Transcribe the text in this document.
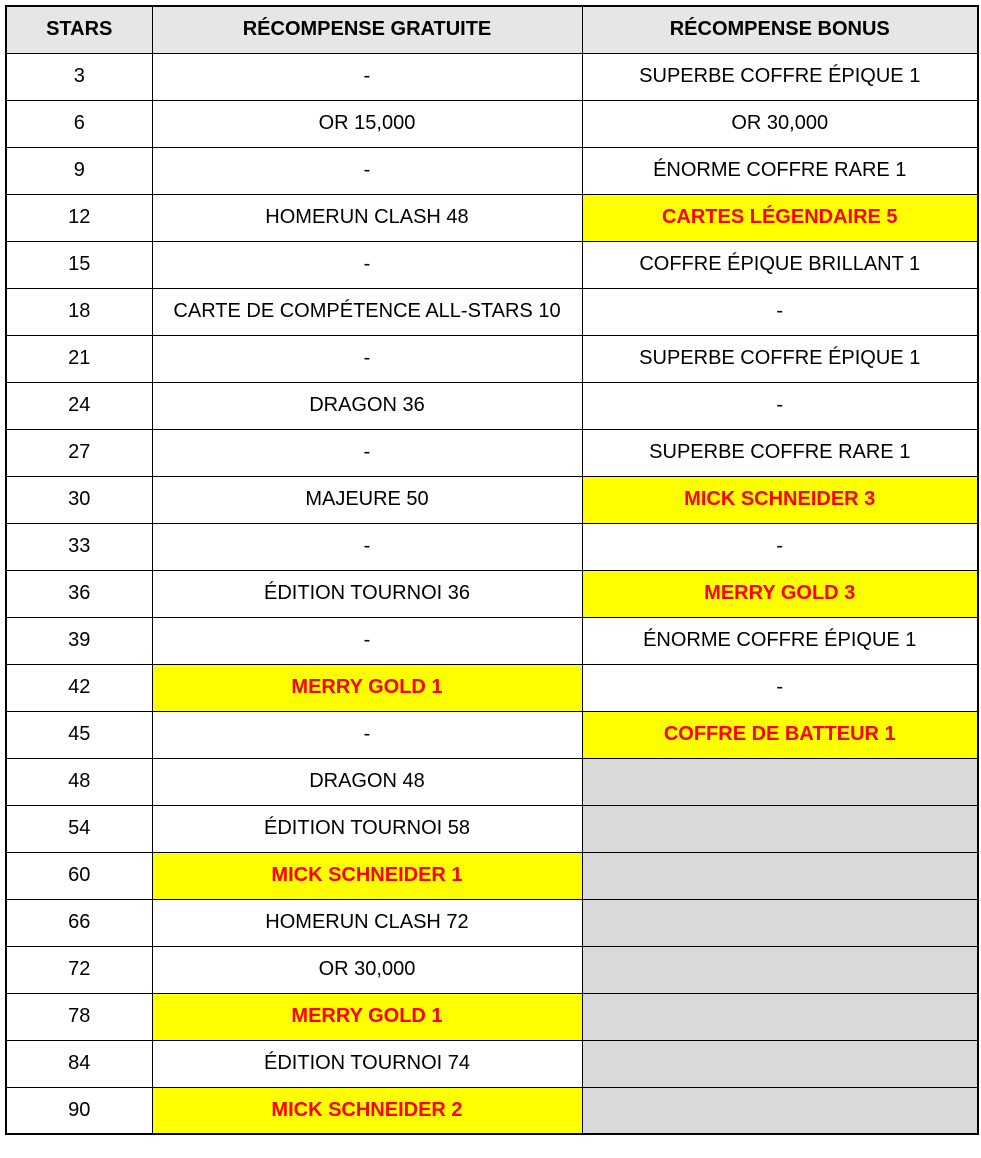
STARS	RÉCOMPENSE GRATUITE	RÉCOMPENSE BONUS
3	-	SUPERBE COFFRE ÉPIQUE 1
6	OR 15,000	OR 30,000
9	-	ÉNORME COFFRE RARE 1
12	HOMERUN CLASH 48	CARTES LÉGENDAIRE 5
15	-	COFFRE ÉPIQUE BRILLANT 1
18	CARTE DE COMPÉTENCE ALL-STARS 10	-
21	-	SUPERBE COFFRE ÉPIQUE 1
24	DRAGON 36	-
27	-	SUPERBE COFFRE RARE 1
30	MAJEURE 50	MICK SCHNEIDER 3
33	-	-
36	ÉDITION TOURNOI 36	MERRY GOLD 3
39	-	ÉNORME COFFRE ÉPIQUE 1
42	MERRY GOLD 1	-
45	-	COFFRE DE BATTEUR 1
48	DRAGON 48	
54	ÉDITION TOURNOI 58	
60	MICK SCHNEIDER 1	
66	HOMERUN CLASH 72	
72	OR 30,000	
78	MERRY GOLD 1	
84	ÉDITION TOURNOI 74	
90	MICK SCHNEIDER 2	
